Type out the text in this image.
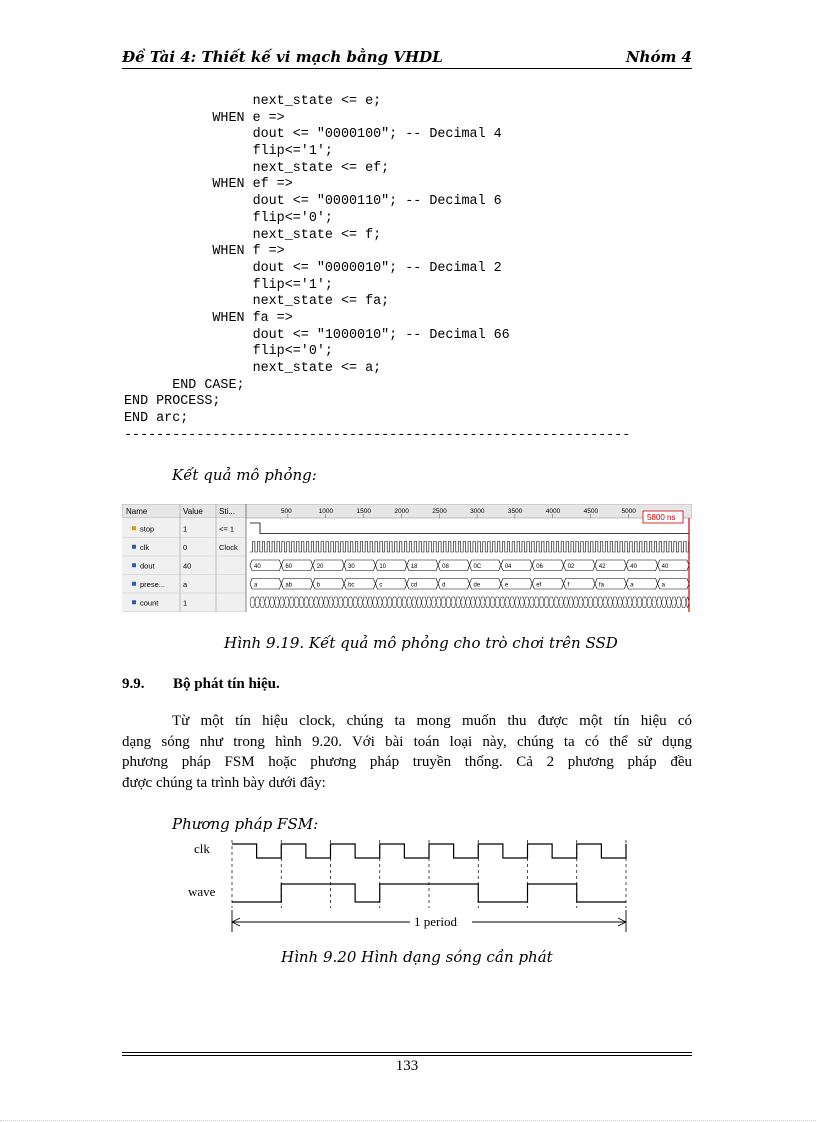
Đề Tài 4: Thiết kế vi mạch bằng VHDL	Nhóm 4
next_state <= e;
WHEN e =>
dout <= "0000100"; -- Decimal 4
flip<='1';
next_state <= ef;
WHEN ef =>
dout <= "0000110"; -- Decimal 6
flip<='0';
next_state <= f;
WHEN f =>
dout <= "0000010"; -- Decimal 2
flip<='1';
next_state <= fa;
WHEN fa =>
dout <= "1000010"; -- Decimal 66
flip<='0';
next_state <= a;
END CASE;
END PROCESS;
END arc;
---------------------------------------------------------------
Kết quả mô phỏng:
Name	Value Sti...	500	1000	1500	2000	2500	3000	3500	4000	4500	5000
stop	1	<= 1
clk	0	Clock
dout	40	40	60	20	30	10	18	08	0C	04	06	02	42	40	40
prese... a	a	ab	b	bc	c	cd	d	de	e	ef	f	fa	a	a
count	1
5800 ns
Hình 9.19. Kết quả mô phỏng cho trò chơi trên SSD
9.9. Bộ phát tín hiệu.
Từ một tín hiệu clock, chúng ta mong muốn thu được một tín hiệu có
dạng sóng như trong hình 9.20. Với bài toán loại này, chúng ta có thể sử dụng
phương pháp FSM hoặc phương pháp truyền thống. Cả 2 phương pháp đều
được chúng ta trình bày dưới đây:
Phương pháp FSM:
clk
wave
1 period
Hình 9.20 Hình dạng sóng cần phát
133
